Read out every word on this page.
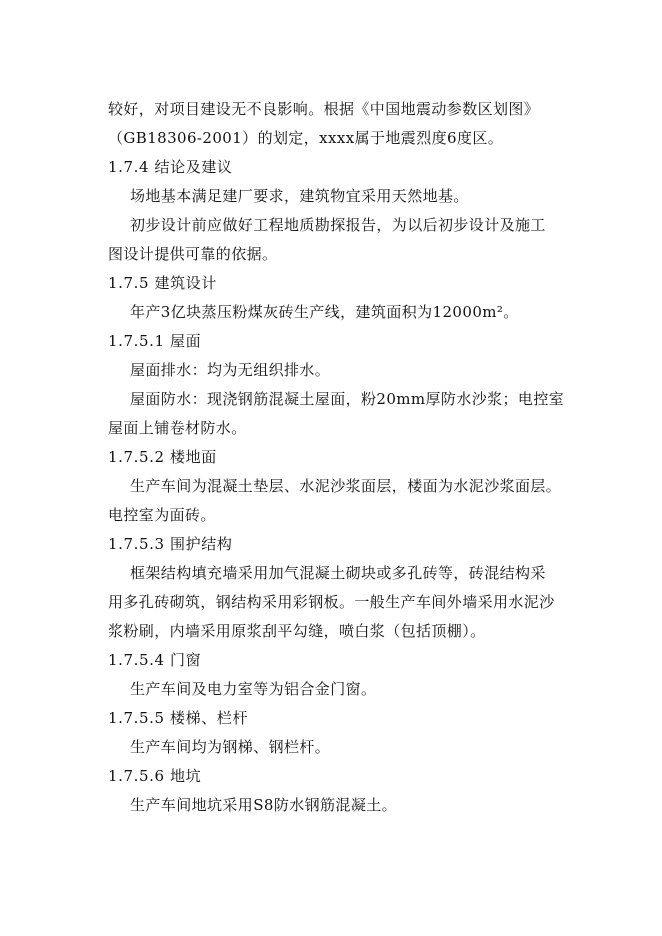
较好，对项目建设无不良影响。根据《中国地震动参数区划图》
（GB18306-2001）的划定，xxxx属于地震烈度6度区。
1.7.4 结论及建议
场地基本满足建厂要求，建筑物宜采用天然地基。
初步设计前应做好工程地质勘探报告，为以后初步设计及施工
图设计提供可靠的依据。
1.7.5 建筑设计
年产3亿块蒸压粉煤灰砖生产线，建筑面积为12000m²。
1.7.5.1 屋面
屋面排水：均为无组织排水。
屋面防水：现浇钢筋混凝土屋面，粉20mm厚防水沙浆；电控室
屋面上铺卷材防水。
1.7.5.2 楼地面
生产车间为混凝土垫层、水泥沙浆面层，楼面为水泥沙浆面层。
电控室为面砖。
1.7.5.3 围护结构
框架结构填充墙采用加气混凝土砌块或多孔砖等，砖混结构采
用多孔砖砌筑，钢结构采用彩钢板。一般生产车间外墙采用水泥沙
浆粉刷，内墙采用原浆刮平勾缝，喷白浆（包括顶棚）。
1.7.5.4 门窗
生产车间及电力室等为铝合金门窗。
1.7.5.5 楼梯、栏杆
生产车间均为钢梯、钢栏杆。
1.7.5.6 地坑
生产车间地坑采用S8防水钢筋混凝土。
